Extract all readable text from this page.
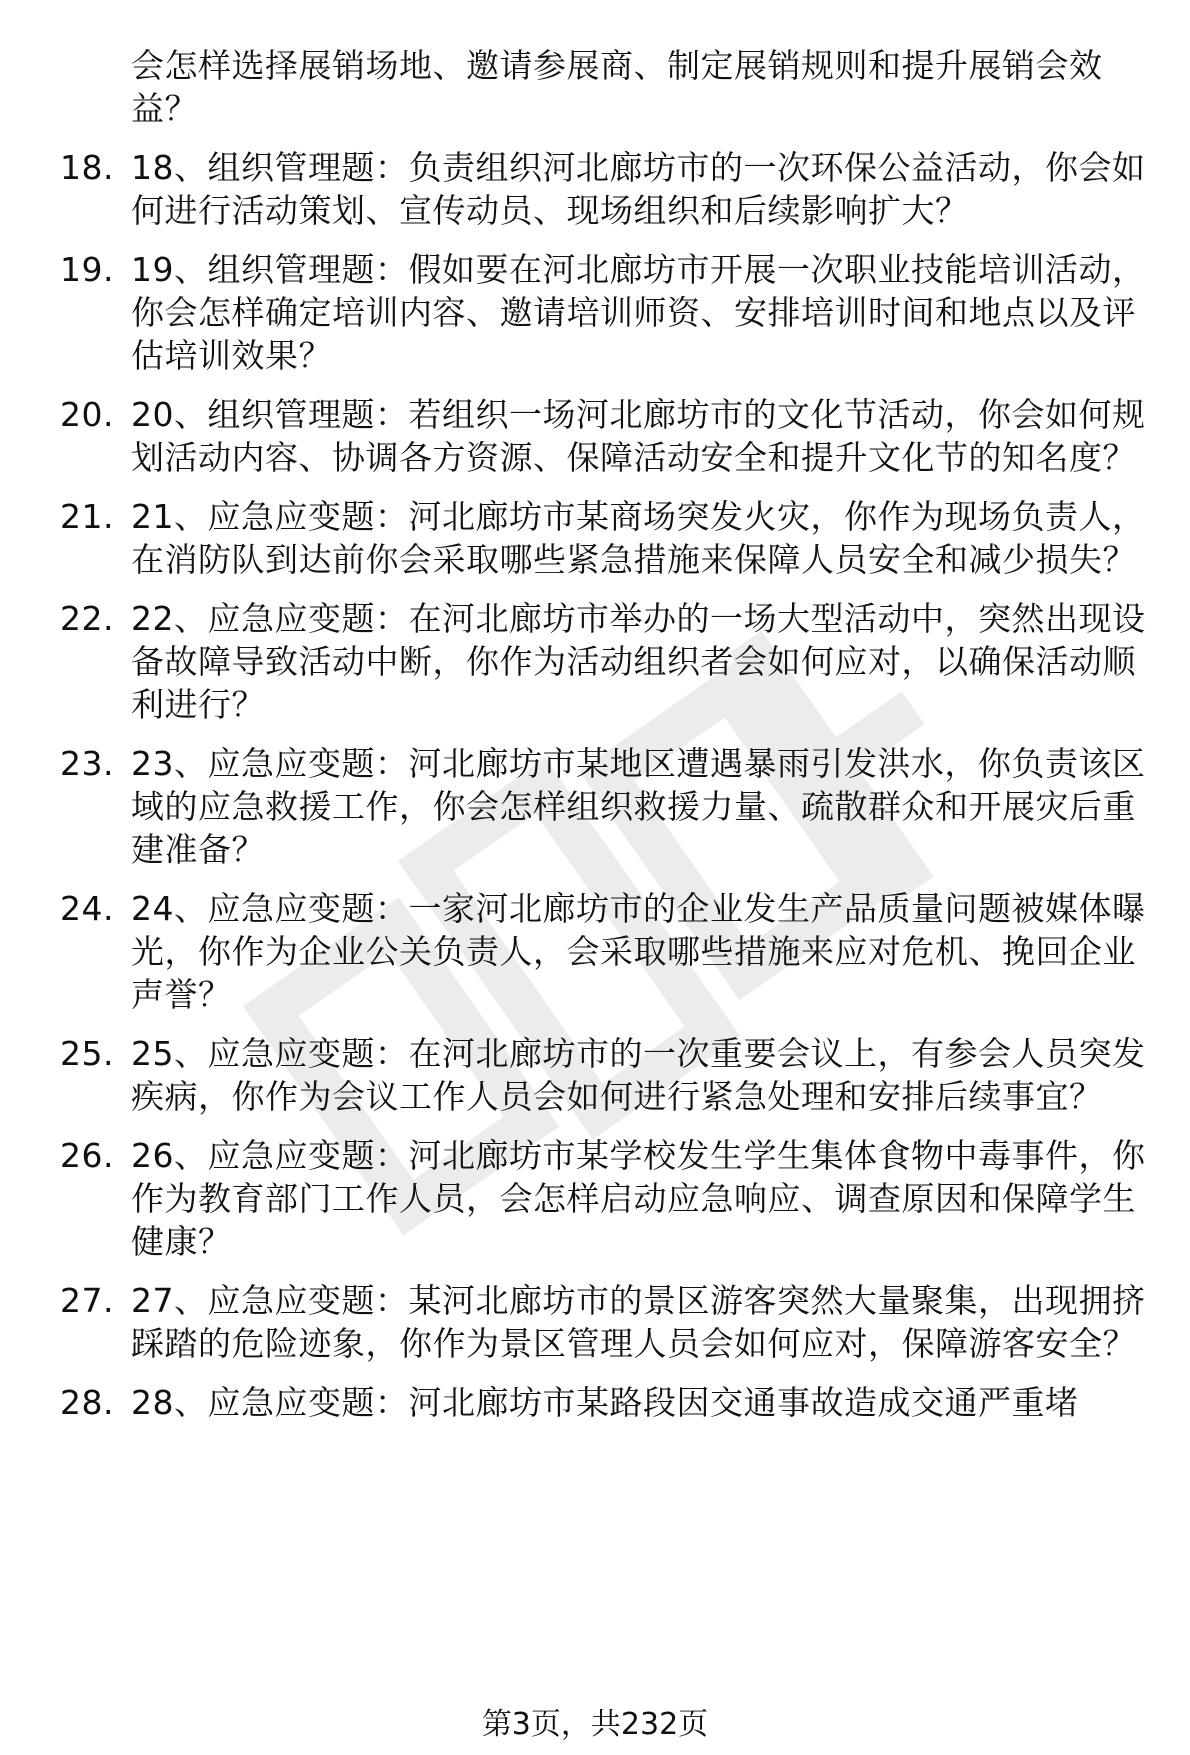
会怎样选择展销场地、邀请参展商、制定展销规则和提升展销会效益？
18. 18、组织管理题：负责组织河北廊坊市的一次环保公益活动，你会如何进行活动策划、宣传动员、现场组织和后续影响扩大？
19. 19、组织管理题：假如要在河北廊坊市开展一次职业技能培训活动，你会怎样确定培训内容、邀请培训师资、安排培训时间和地点以及评估培训效果？
20. 20、组织管理题：若组织一场河北廊坊市的文化节活动，你会如何规划活动内容、协调各方资源、保障活动安全和提升文化节的知名度？
21. 21、应急应变题：河北廊坊市某商场突发火灾，你作为现场负责人，在消防队到达前你会采取哪些紧急措施来保障人员安全和减少损失？
22. 22、应急应变题：在河北廊坊市举办的一场大型活动中，突然出现设备故障导致活动中断，你作为活动组织者会如何应对，以确保活动顺利进行？
23. 23、应急应变题：河北廊坊市某地区遭遇暴雨引发洪水，你负责该区域的应急救援工作，你会怎样组织救援力量、疏散群众和开展灾后重建准备？
24. 24、应急应变题：一家河北廊坊市的企业发生产品质量问题被媒体曝光，你作为企业公关负责人，会采取哪些措施来应对危机、挽回企业声誉？
25. 25、应急应变题：在河北廊坊市的一次重要会议上，有参会人员突发疾病，你作为会议工作人员会如何进行紧急处理和安排后续事宜？
26. 26、应急应变题：河北廊坊市某学校发生学生集体食物中毒事件，你作为教育部门工作人员，会怎样启动应急响应、调查原因和保障学生健康？
27. 27、应急应变题：某河北廊坊市的景区游客突然大量聚集，出现拥挤踩踏的危险迹象，你作为景区管理人员会如何应对，保障游客安全？
28. 28、应急应变题：河北廊坊市某路段因交通事故造成交通严重堵
第3页，共232页
